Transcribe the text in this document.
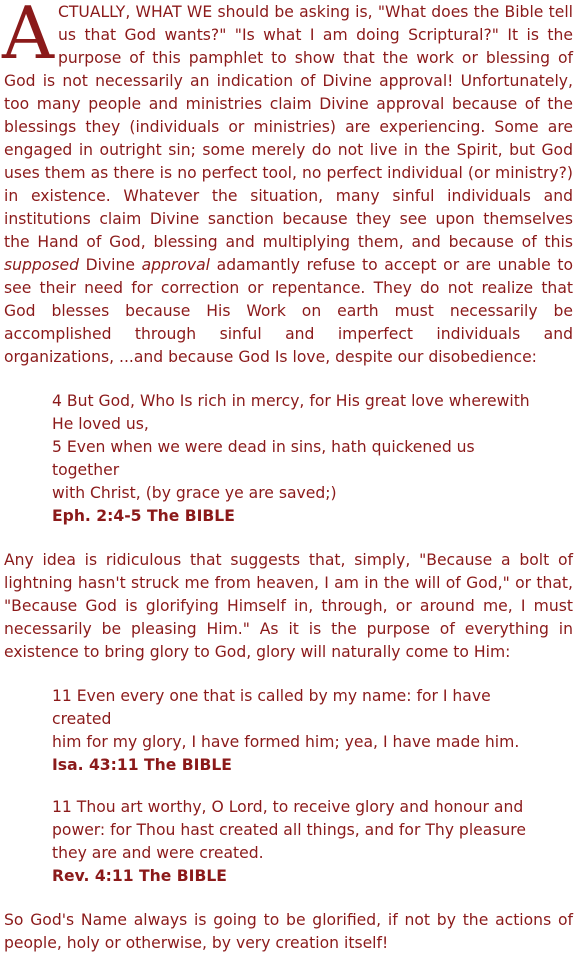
ACTUALLY, WHAT WE should be asking is, "What does the Bible tell us that God wants?" "Is what I am doing Scriptural?" It is the purpose of this pamphlet to show that the work or blessing of God is not necessarily an indication of Divine approval! Unfortunately, too many people and ministries claim Divine approval because of the blessings they (individuals or ministries) are experiencing. Some are engaged in outright sin; some merely do not live in the Spirit, but God uses them as there is no perfect tool, no perfect individual (or ministry?) in existence. Whatever the situation, many sinful individuals and institutions claim Divine sanction because they see upon themselves the Hand of God, blessing and multiplying them, and because of this supposed Divine approval adamantly refuse to accept or are unable to see their need for correction or repentance. They do not realize that God blesses because His Work on earth must necessarily be accomplished through sinful and imperfect individuals and organizations, ...and because God Is love, despite our disobedience:

4 But God, Who Is rich in mercy, for His great love wherewith
He loved us,
5 Even when we were dead in sins, hath quickened us together
with Christ, (by grace ye are saved;)
Eph. 2:4-5 The BIBLE

Any idea is ridiculous that suggests that, simply, "Because a bolt of lightning hasn't struck me from heaven, I am in the will of God," or that, "Because God is glorifying Himself in, through, or around me, I must necessarily be pleasing Him." As it is the purpose of everything in existence to bring glory to God, glory will naturally come to Him:

11 Even every one that is called by my name: for I have created
him for my glory, I have formed him; yea, I have made him.
Isa. 43:11 The BIBLE
11 Thou art worthy, O Lord, to receive glory and honour and
power: for Thou hast created all things, and for Thy pleasure
they are and were created.
Rev. 4:11 The BIBLE

So God's Name always is going to be glorified, if not by the actions of people, holy or otherwise, by very creation itself!
